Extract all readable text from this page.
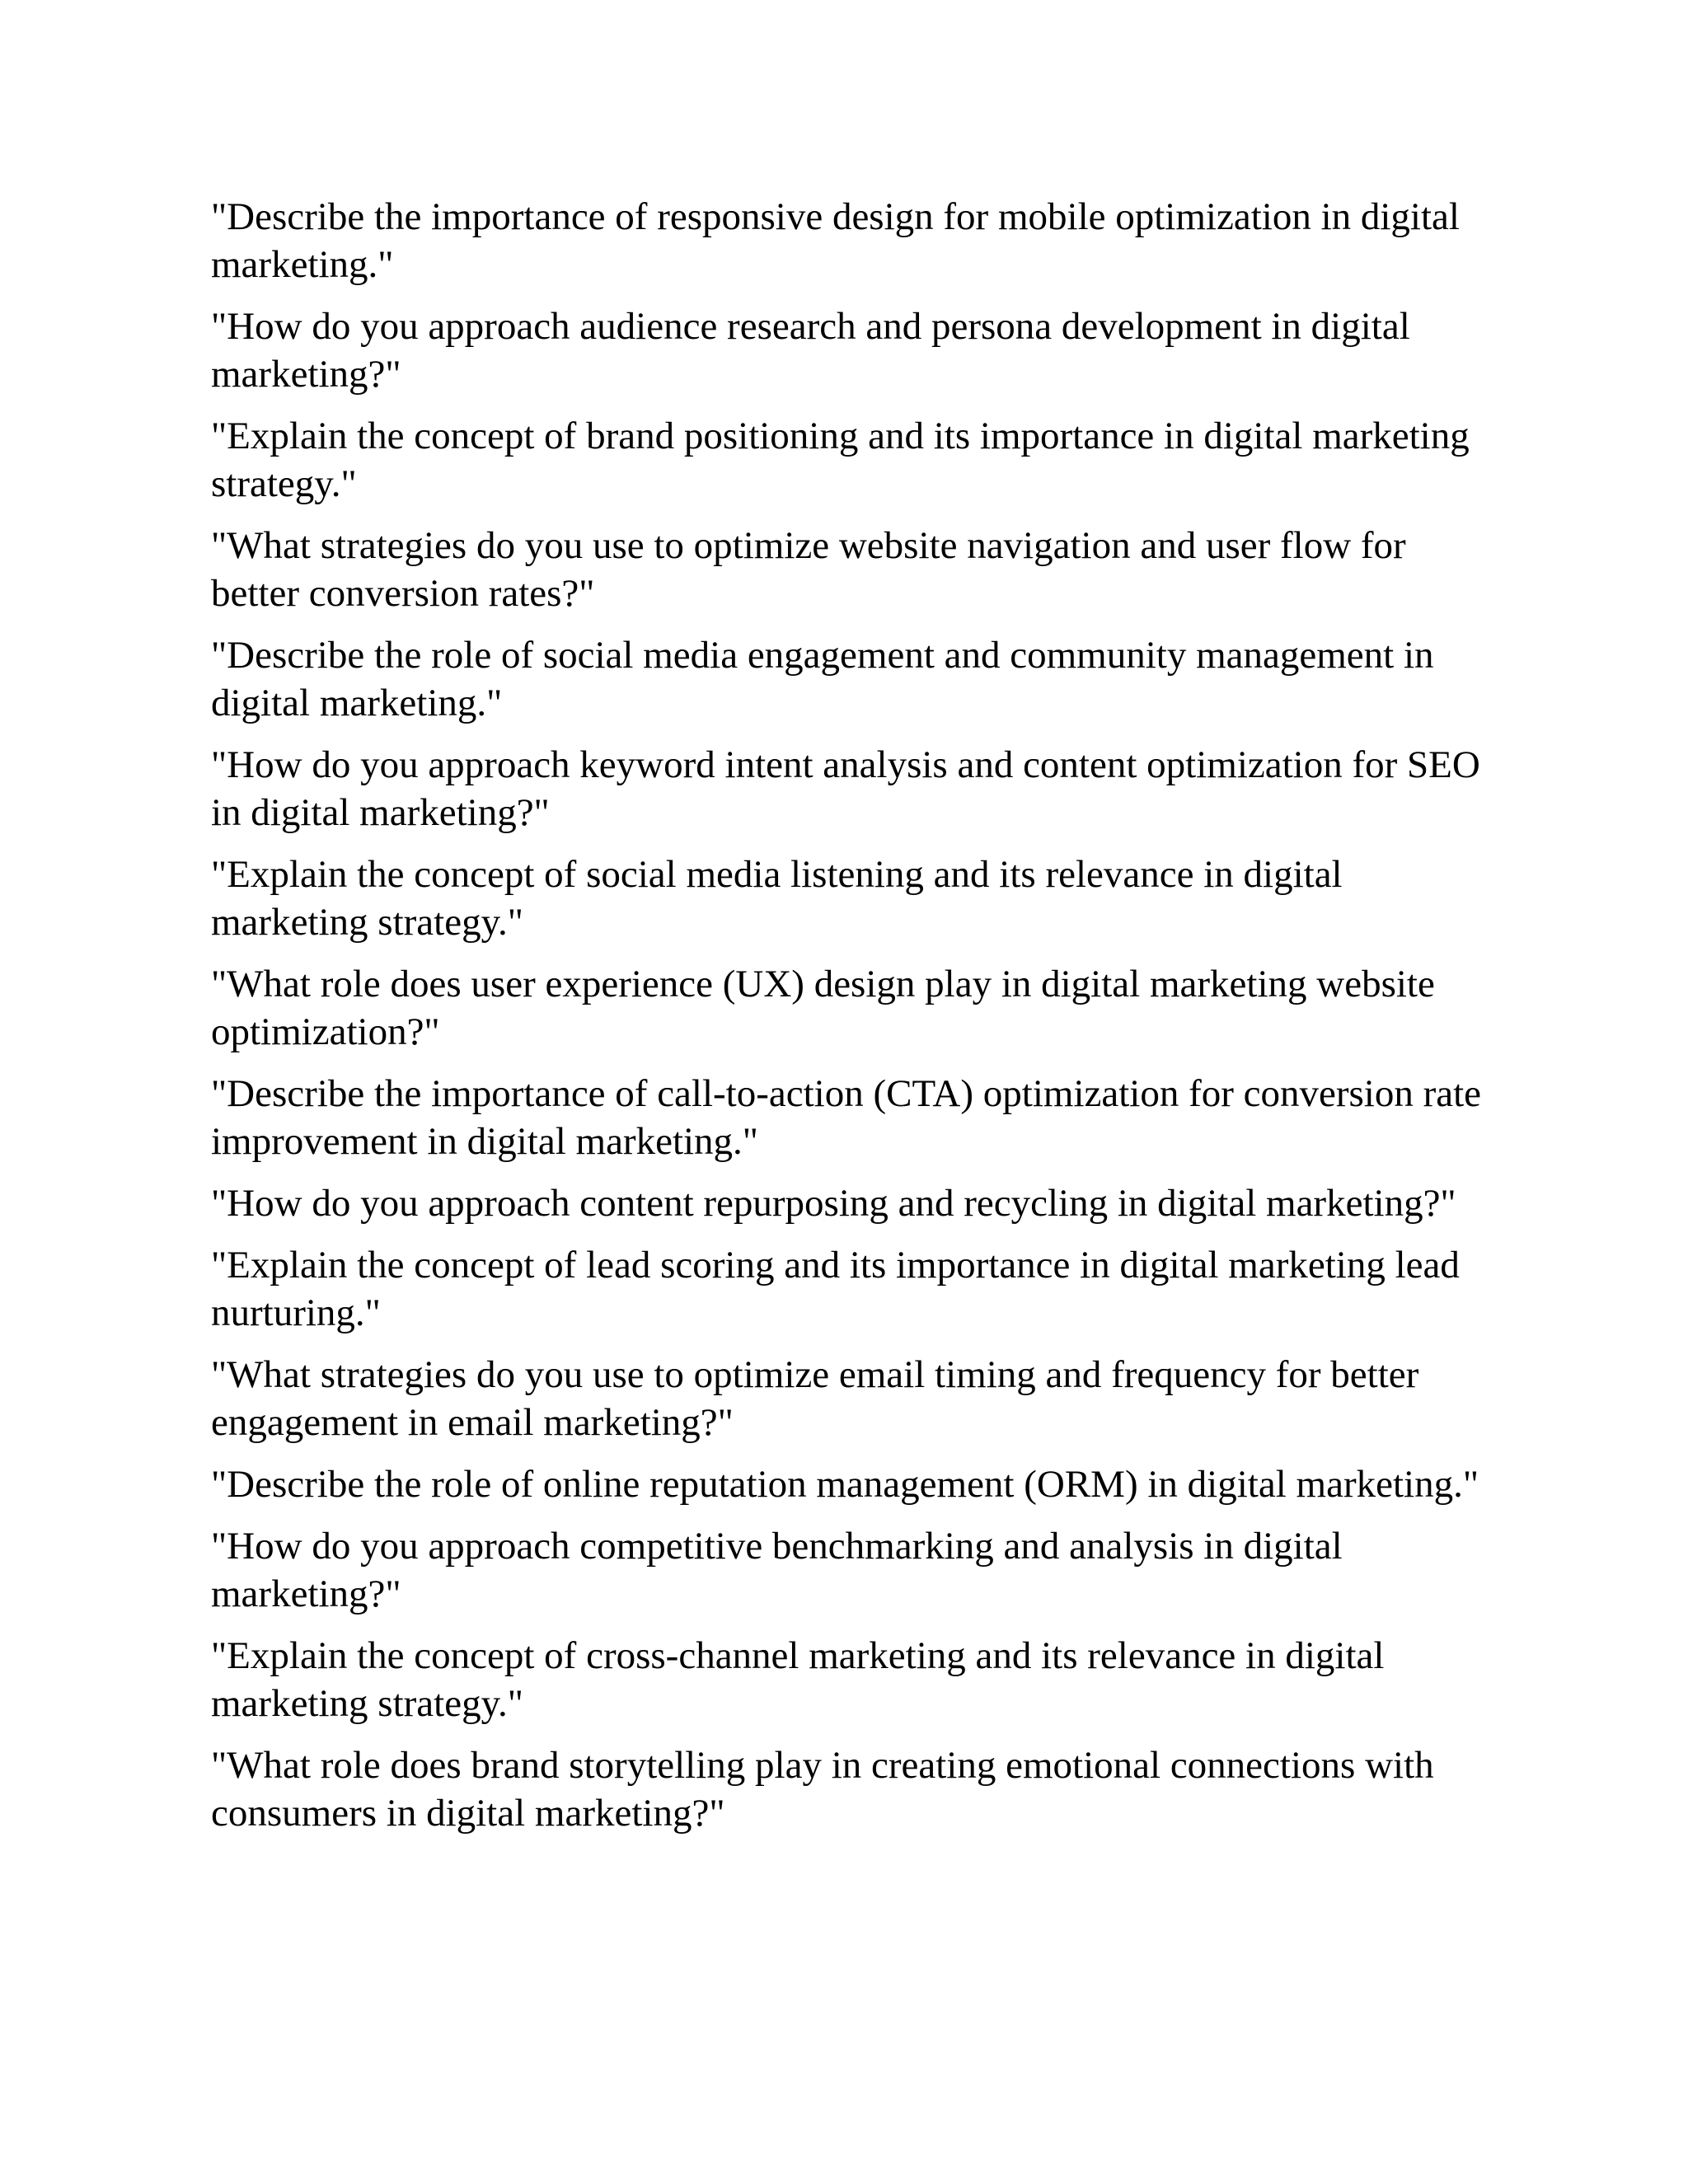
"Describe the importance of responsive design for mobile optimization in digital marketing."
"How do you approach audience research and persona development in digital marketing?"
"Explain the concept of brand positioning and its importance in digital marketing strategy."
"What strategies do you use to optimize website navigation and user flow for better conversion rates?"
"Describe the role of social media engagement and community management in digital marketing."
"How do you approach keyword intent analysis and content optimization for SEO in digital marketing?"
"Explain the concept of social media listening and its relevance in digital marketing strategy."
"What role does user experience (UX) design play in digital marketing website optimization?"
"Describe the importance of call-to-action (CTA) optimization for conversion rate improvement in digital marketing."
"How do you approach content repurposing and recycling in digital marketing?"
"Explain the concept of lead scoring and its importance in digital marketing lead nurturing."
"What strategies do you use to optimize email timing and frequency for better engagement in email marketing?"
"Describe the role of online reputation management (ORM) in digital marketing."
"How do you approach competitive benchmarking and analysis in digital marketing?"
"Explain the concept of cross-channel marketing and its relevance in digital marketing strategy."
"What role does brand storytelling play in creating emotional connections with consumers in digital marketing?"
